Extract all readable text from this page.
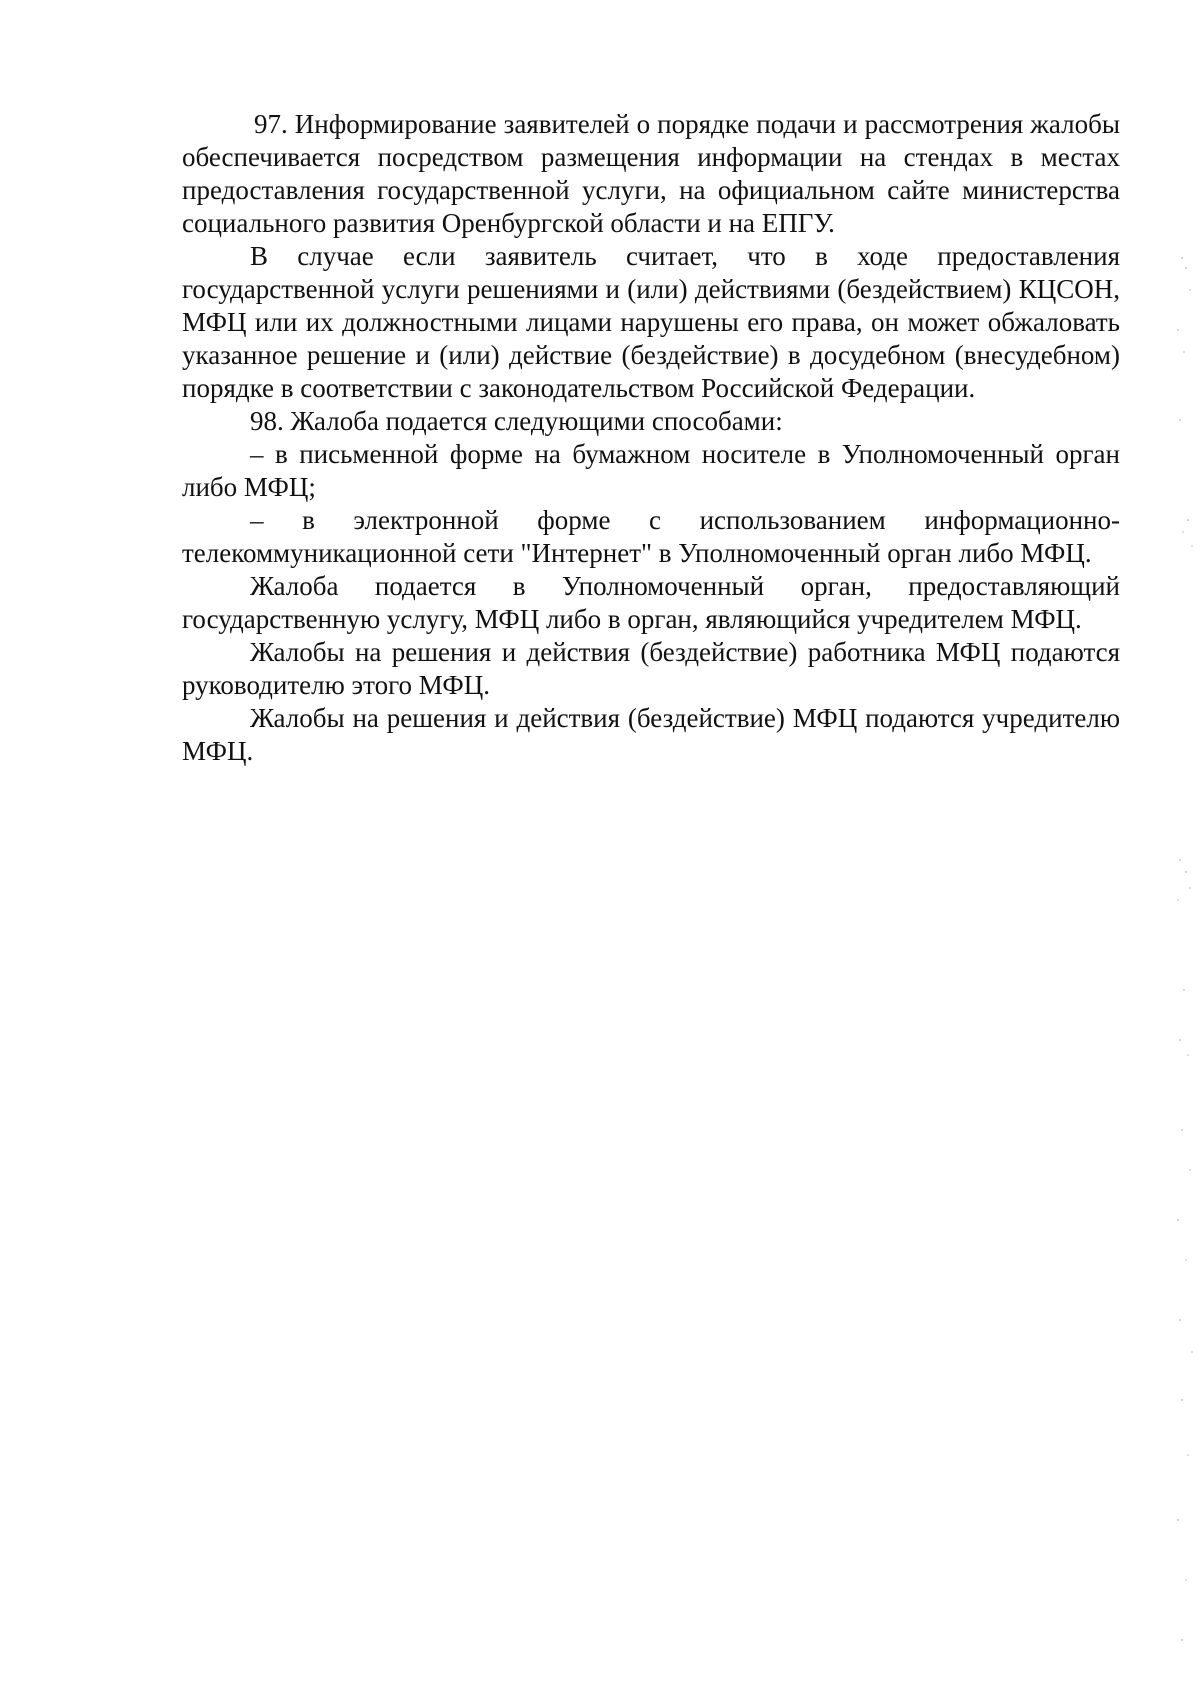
97. Информирование заявителей о порядке подачи и рассмотрения жалобы обеспечивается посредством размещения информации на стендах в местах предоставления государственной услуги, на официальном сайте министерства социального развития Оренбургской области и на ЕПГУ.

В случае если заявитель считает, что в ходе предоставления государственной услуги решениями и (или) действиями (бездействием) КЦСОН, МФЦ или их должностными лицами нарушены его права, он может обжаловать указанное решение и (или) действие (бездействие) в досудебном (внесудебном) порядке в соответствии с законодательством Российской Федерации.

98. Жалоба подается следующими способами:

– в письменной форме на бумажном носителе в Уполномоченный орган либо МФЦ;

– в электронной форме с использованием информационно-телекоммуникационной сети "Интернет" в Уполномоченный орган либо МФЦ.

Жалоба подается в Уполномоченный орган, предоставляющий государственную услугу, МФЦ либо в орган, являющийся учредителем МФЦ.

Жалобы на решения и действия (бездействие) работника МФЦ подаются руководителю этого МФЦ.

Жалобы на решения и действия (бездействие) МФЦ подаются учредителю МФЦ.
